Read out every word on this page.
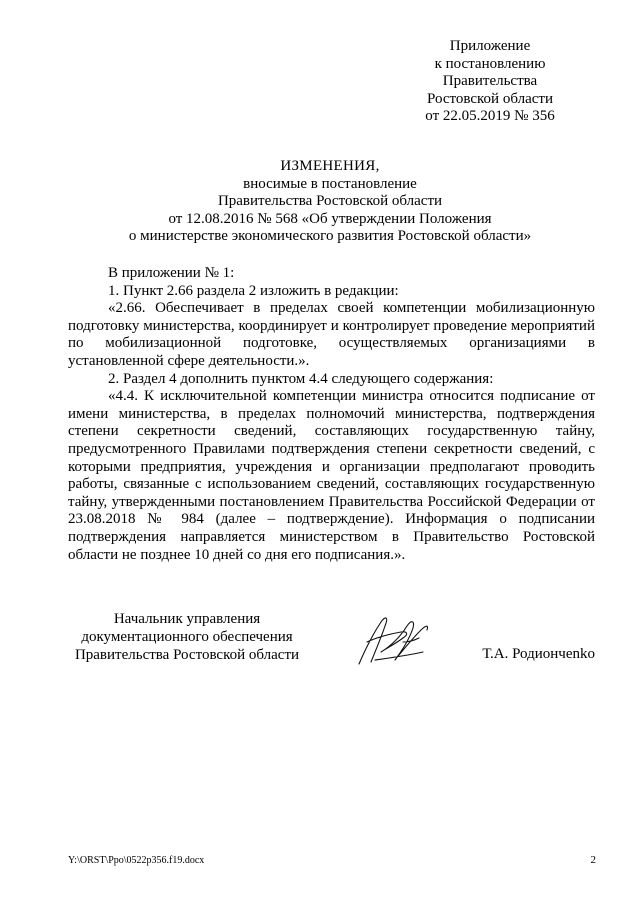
Приложение
к постановлению
Правительства
Ростовской области
от 22.05.2019 № 356
ИЗМЕНЕНИЯ,
вносимые в постановление
Правительства Ростовской области
от 12.08.2016 № 568 «Об утверждении Положения
о министерстве экономического развития Ростовской области»

В приложении № 1:

1. Пункт 2.66 раздела 2 изложить в редакции:

«2.66. Обеспечивает в пределах своей компетенции мобилизационную подготовку министерства, координирует и контролирует проведение мероприятий по мобилизационной подготовке, осуществляемых организациями в установленной сфере деятельности.».

2. Раздел 4 дополнить пунктом 4.4 следующего содержания:

«4.4. К исключительной компетенции министра относится подписание от имени министерства, в пределах полномочий министерства, подтверждения степени секретности сведений, составляющих государственную тайну, предусмотренного Правилами подтверждения степени секретности сведений, с которыми предприятия, учреждения и организации предполагают проводить работы, связанные с использованием сведений, составляющих государственную тайну, утвержденными постановлением Правительства Российской Федерации от 23.08.2018 № 984 (далее – подтверждение). Информация о подписании подтверждения направляется министерством в Правительство Ростовской области не позднее 10 дней со дня его подписания.».

Начальник управления
документационного обеспечения
Правительства Ростовской области	Т.А. Родиончenko
Y:\ORST\Ppo\0522p356.f19.docx	2
